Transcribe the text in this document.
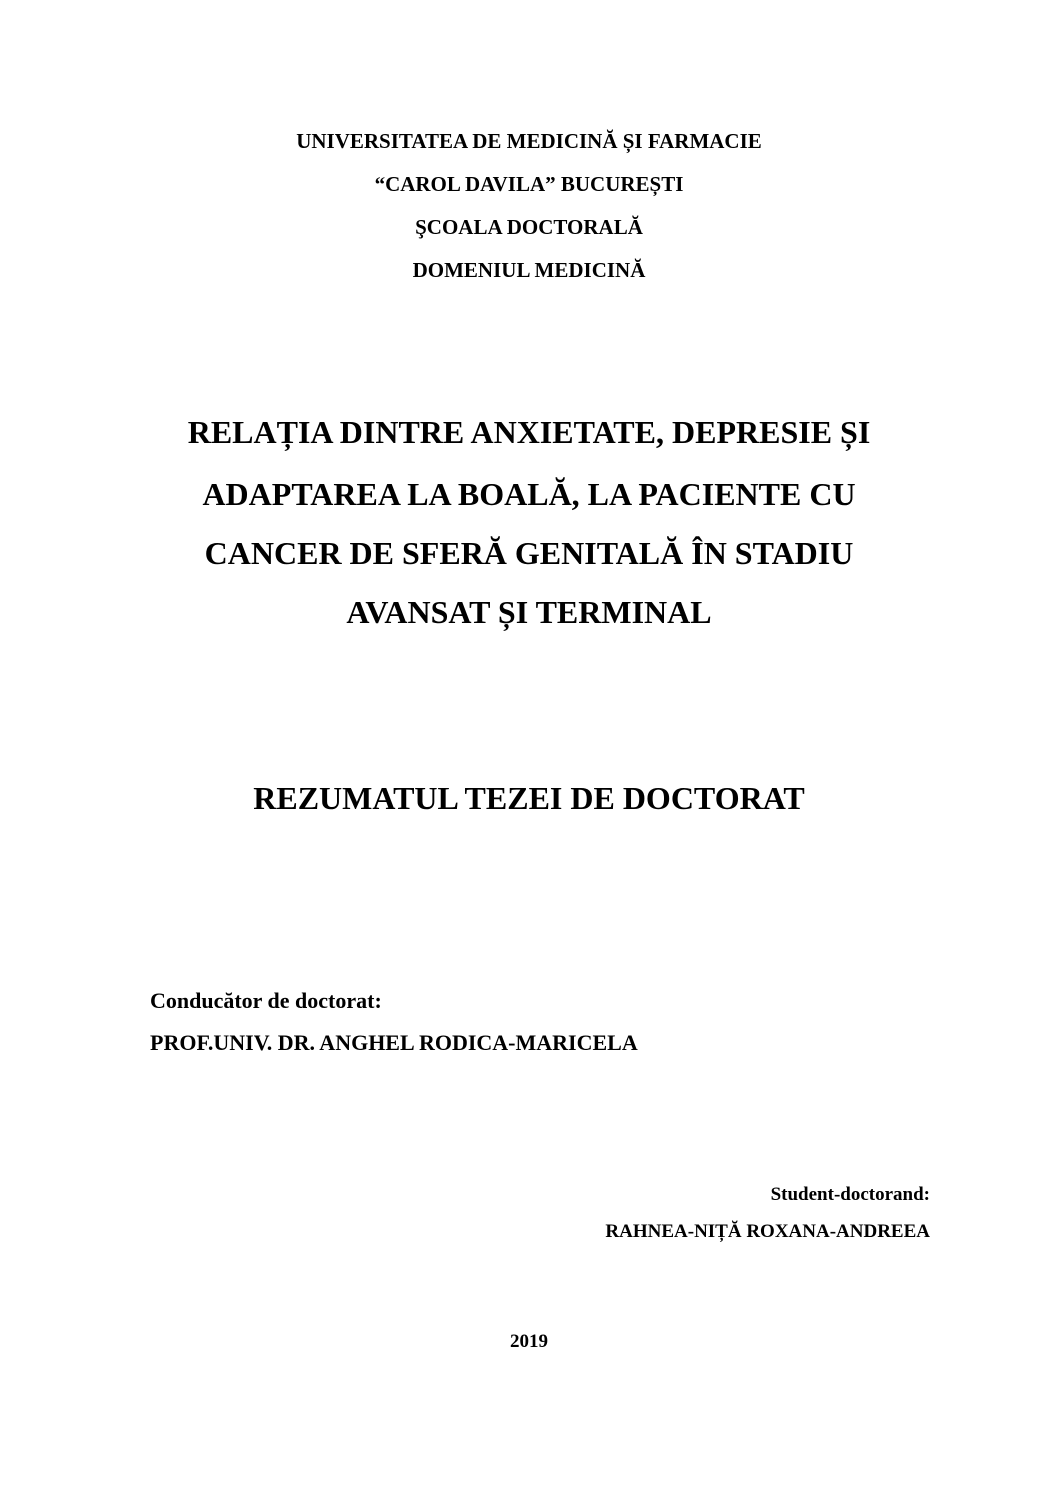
UNIVERSITATEA DE MEDICINĂ ȘI FARMACIE
“CAROL DAVILA” BUCUREȘTI
ŞCOALA DOCTORALĂ
DOMENIUL MEDICINĂ
RELAȚIA DINTRE ANXIETATE, DEPRESIE ȘI
ADAPTAREA LA BOALĂ, LA PACIENTE CU
CANCER DE SFERĂ GENITALĂ ÎN STADIU
AVANSAT ȘI TERMINAL
REZUMATUL TEZEI DE DOCTORAT
Conducător de doctorat:
PROF.UNIV. DR. ANGHEL RODICA-MARICELA
Student-doctorand:
RAHNEA-NIȚĂ ROXANA-ANDREEA
2019
